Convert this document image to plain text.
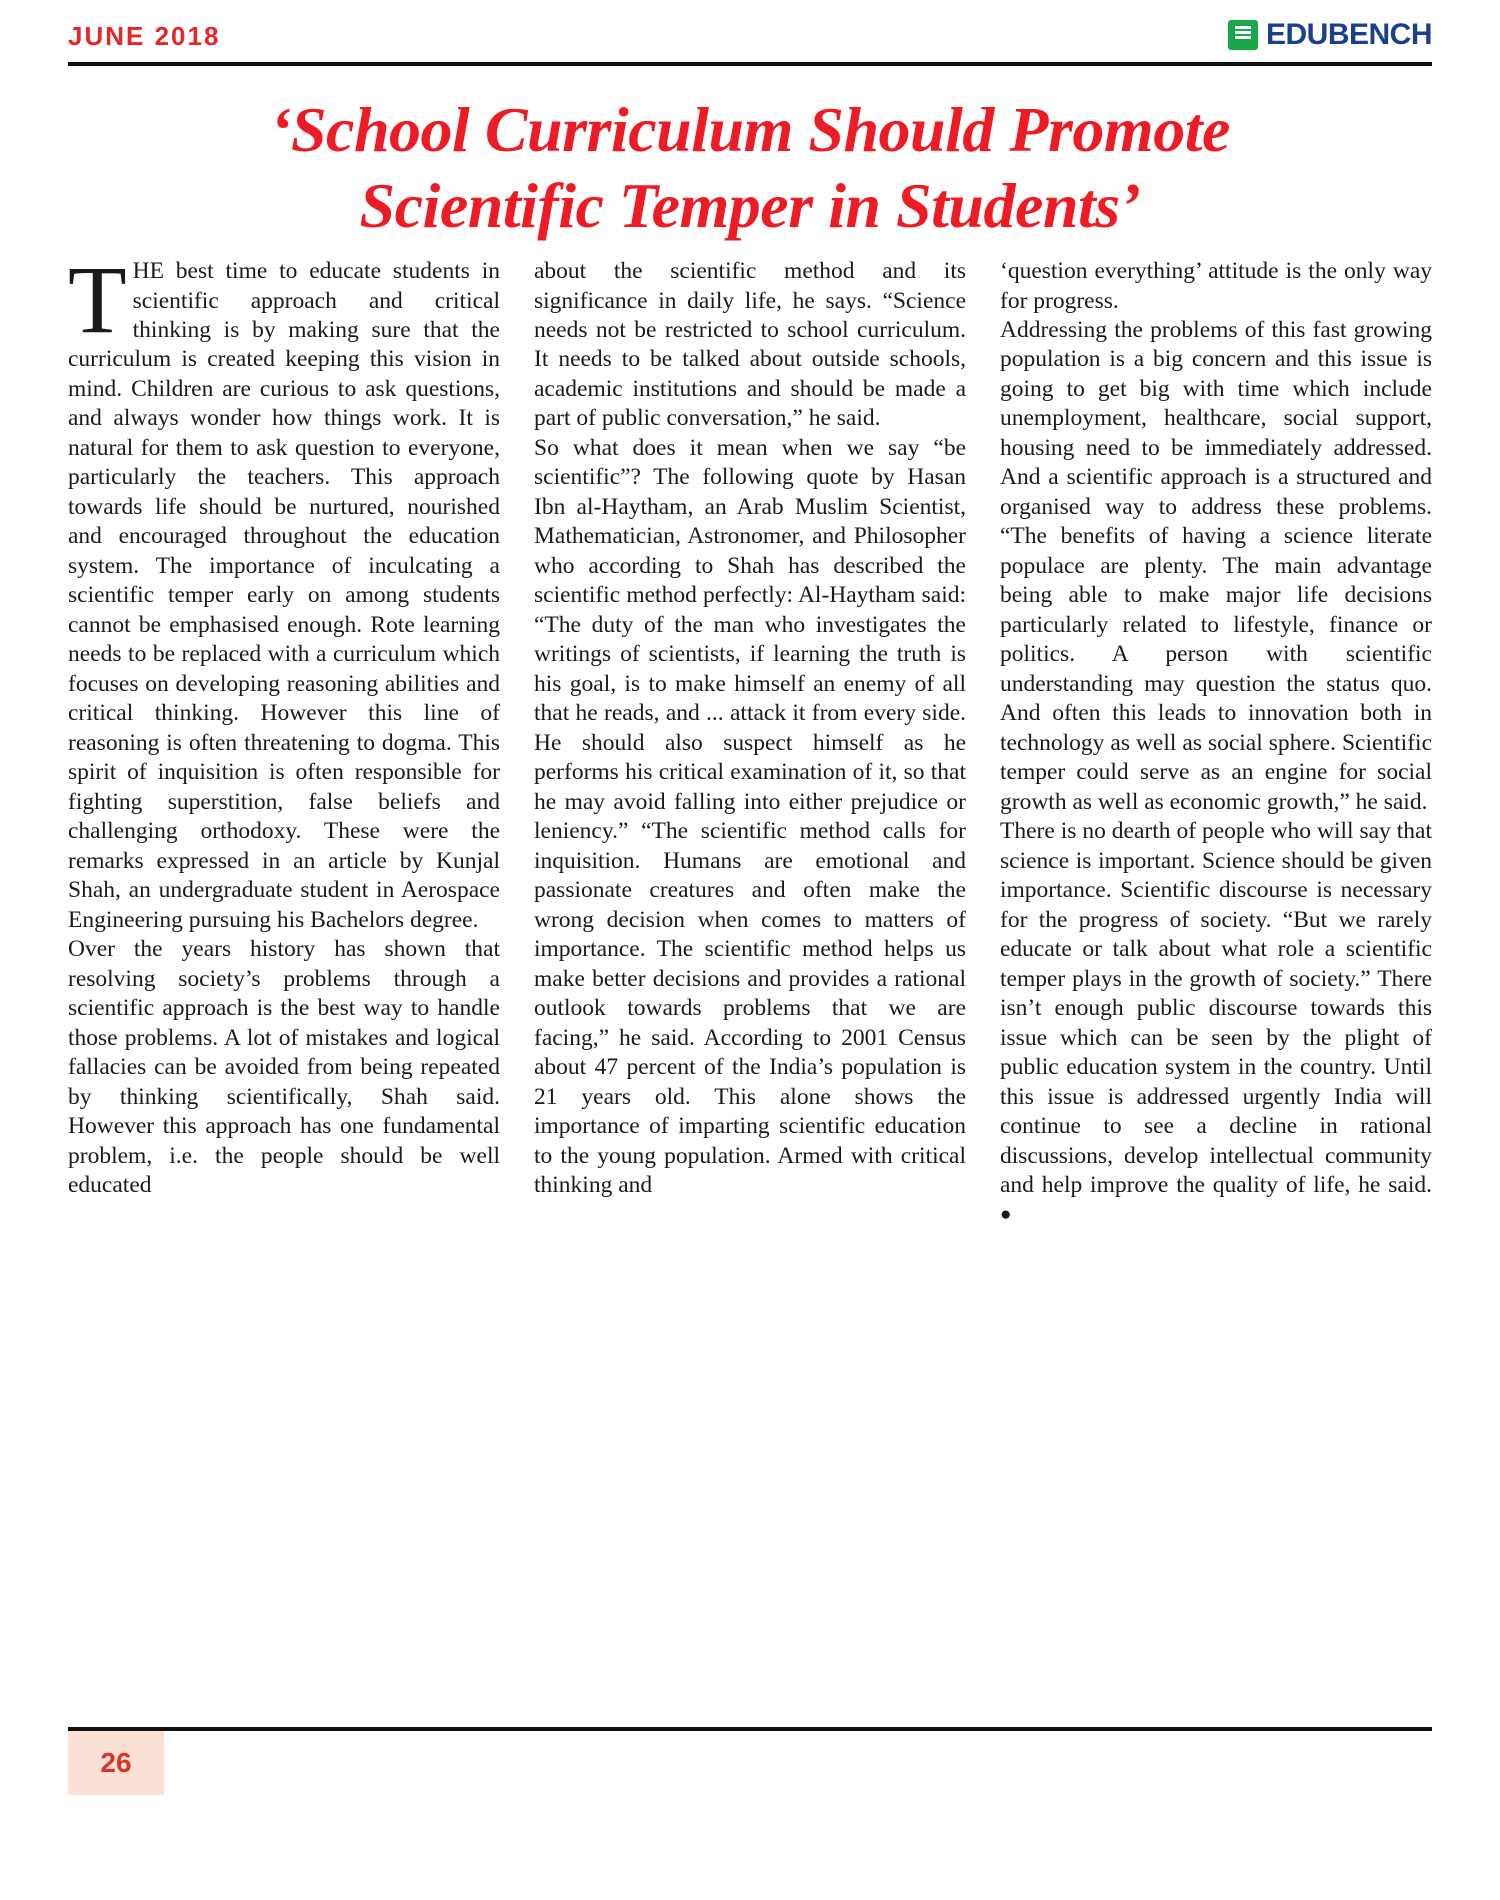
JUNE 2018	EDUBENCH
‘School Curriculum Should Promote
Scientific Temper in Students’

THE best time to educate students in scientific approach and critical thinking is by making sure that the curriculum is created keeping this vision in mind. Children are curious to ask questions, and always wonder how things work. It is natural for them to ask question to everyone, particularly the teachers. This approach towards life should be nurtured, nourished and encouraged throughout the education system. The importance of inculcating a scientific temper early on among students cannot be emphasised enough. Rote learning needs to be replaced with a curriculum which focuses on developing reasoning abilities and critical thinking. However this line of reasoning is often threatening to dogma. This spirit of inquisition is often responsible for fighting superstition, false beliefs and challenging orthodoxy. These were the remarks expressed in an article by Kunjal Shah, an undergraduate student in Aerospace Engineering pursuing his Bachelors degree.

Over the years history has shown that resolving society’s problems through a scientific approach is the best way to handle those problems. A lot of mistakes and logical fallacies can be avoided from being repeated by thinking scientifically, Shah said. However this approach has one fundamental problem, i.e. the people should be well educated

about the scientific method and its significance in daily life, he says. “Science needs not be restricted to school curriculum. It needs to be talked about outside schools, academic institutions and should be made a part of public conversation,” he said.

So what does it mean when we say “be scientific”? The following quote by Hasan Ibn al-Haytham, an Arab Muslim Scientist, Mathematician, Astronomer, and Philosopher who according to Shah has described the scientific method perfectly: Al-Haytham said: “The duty of the man who investigates the writings of scientists, if learning the truth is his goal, is to make himself an enemy of all that he reads, and ... attack it from every side. He should also suspect himself as he performs his critical examination of it, so that he may avoid falling into either prejudice or leniency.” “The scientific method calls for inquisition. Humans are emotional and passionate creatures and often make the wrong decision when comes to matters of importance. The scientific method helps us make better decisions and provides a rational outlook towards problems that we are facing,” he said. According to 2001 Census about 47 percent of the India’s population is 21 years old. This alone shows the importance of imparting scientific education to the young population. Armed with critical thinking and

‘question everything’ attitude is the only way for progress.

Addressing the problems of this fast growing population is a big concern and this issue is going to get big with time which include unemployment, healthcare, social support, housing need to be immediately addressed. And a scientific approach is a structured and organised way to address these problems. “The benefits of having a science literate populace are plenty. The main advantage being able to make major life decisions particularly related to lifestyle, finance or politics. A person with scientific understanding may question the status quo. And often this leads to innovation both in technology as well as social sphere. Scientific temper could serve as an engine for social growth as well as economic growth,” he said.

There is no dearth of people who will say that science is important. Science should be given importance. Scientific discourse is necessary for the progress of society. “But we rarely educate or talk about what role a scientific temper plays in the growth of society.” There isn’t enough public discourse towards this issue which can be seen by the plight of public education system in the country. Until this issue is addressed urgently India will continue to see a decline in rational discussions, develop intellectual community and help improve the quality of life, he said. ●

26
